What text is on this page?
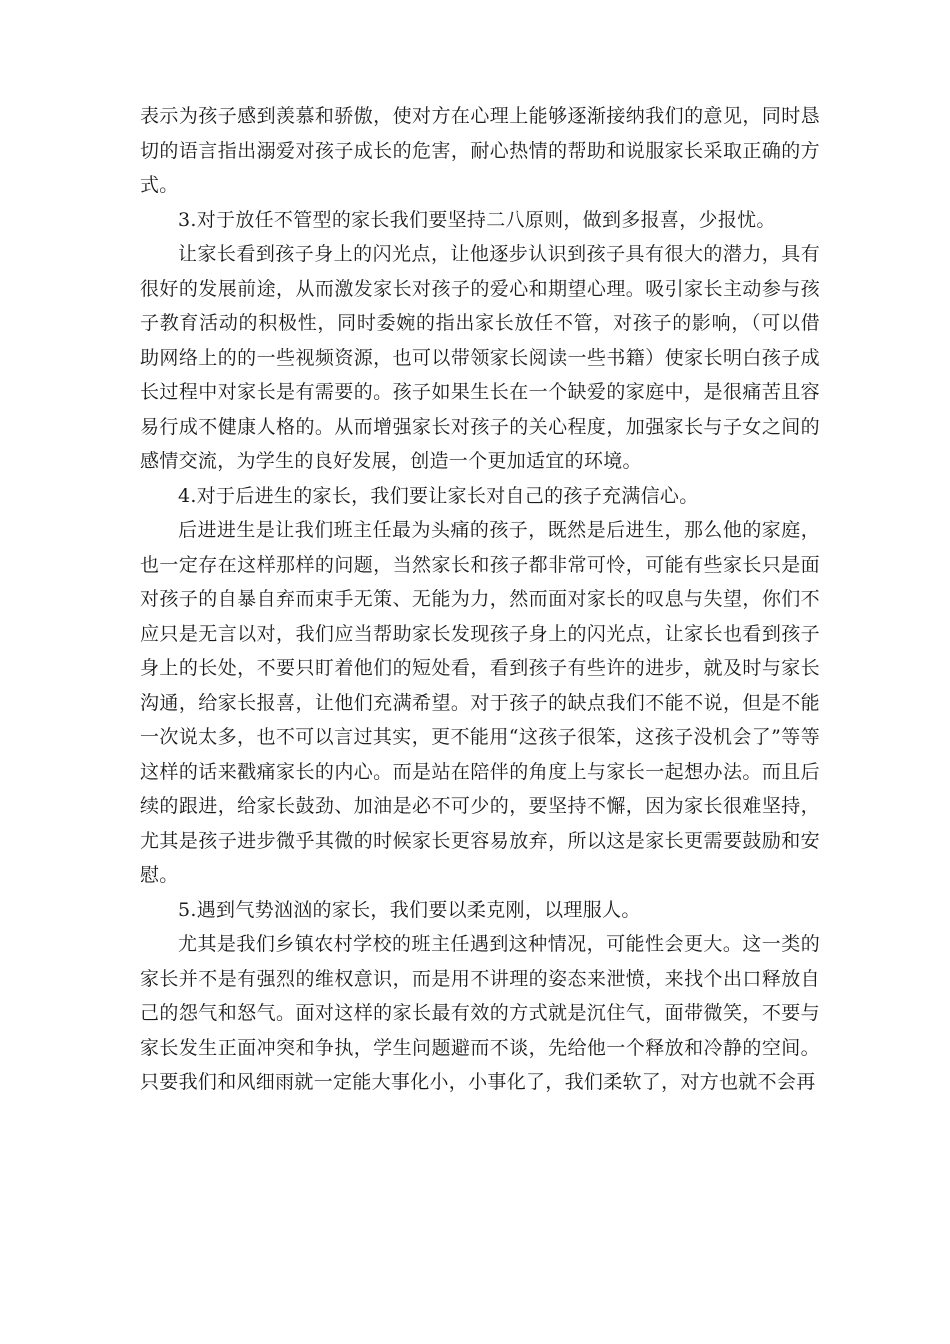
表示为孩子感到羡慕和骄傲，使对方在心理上能够逐渐接纳我们的意见，同时恳切的语言指出溺爱对孩子成长的危害，耐心热情的帮助和说服家长采取正确的方式。

3.对于放任不管型的家长我们要坚持二八原则，做到多报喜，少报忧。

让家长看到孩子身上的闪光点，让他逐步认识到孩子具有很大的潜力，具有很好的发展前途，从而激发家长对孩子的爱心和期望心理。吸引家长主动参与孩子教育活动的积极性，同时委婉的指出家长放任不管，对孩子的影响，（可以借助网络上的的一些视频资源，也可以带领家长阅读一些书籍）使家长明白孩子成长过程中对家长是有需要的。孩子如果生长在一个缺爱的家庭中，是很痛苦且容易行成不健康人格的。从而增强家长对孩子的关心程度，加强家长与子女之间的感情交流，为学生的良好发展，创造一个更加适宜的环境。

4.对于后进生的家长，我们要让家长对自己的孩子充满信心。

后进进生是让我们班主任最为头痛的孩子，既然是后进生，那么他的家庭，也一定存在这样那样的问题，当然家长和孩子都非常可怜，可能有些家长只是面对孩子的自暴自弃而束手无策、无能为力，然而面对家长的叹息与失望，你们不应只是无言以对，我们应当帮助家长发现孩子身上的闪光点，让家长也看到孩子身上的长处，不要只盯着他们的短处看，看到孩子有些许的进步，就及时与家长沟通，给家长报喜，让他们充满希望。对于孩子的缺点我们不能不说，但是不能一次说太多，也不可以言过其实，更不能用“这孩子很笨，这孩子没机会了”等等这样的话来戳痛家长的内心。而是站在陪伴的角度上与家长一起想办法。而且后续的跟进，给家长鼓劲、加油是必不可少的，要坚持不懈，因为家长很难坚持，尤其是孩子进步微乎其微的时候家长更容易放弃，所以这是家长更需要鼓励和安慰。

5.遇到气势汹汹的家长，我们要以柔克刚，以理服人。

尤其是我们乡镇农村学校的班主任遇到这种情况，可能性会更大。这一类的家长并不是有强烈的维权意识，而是用不讲理的姿态来泄愤，来找个出口释放自己的怨气和怒气。面对这样的家长最有效的方式就是沉住气，面带微笑，不要与家长发生正面冲突和争执，学生问题避而不谈，先给他一个释放和冷静的空间。只要我们和风细雨就一定能大事化小，小事化了，我们柔软了，对方也就不会再
